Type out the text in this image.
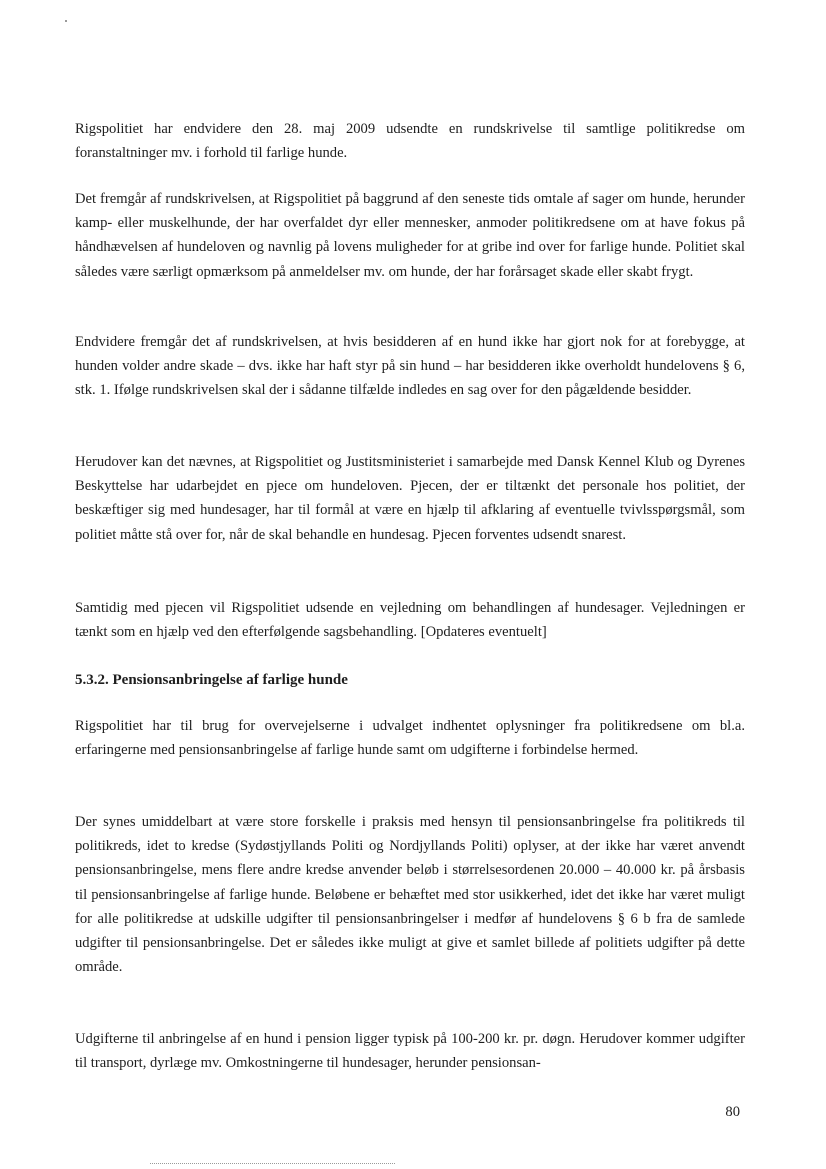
Rigspolitiet har endvidere den 28. maj 2009 udsendte en rundskrivelse til samtlige politikredse om foranstaltninger mv. i forhold til farlige hunde.

Det fremgår af rundskrivelsen, at Rigspolitiet på baggrund af den seneste tids omtale af sager om hunde, herunder kamp- eller muskelhunde, der har overfaldet dyr eller mennesker, anmoder politikredsene om at have fokus på håndhævelsen af hundeloven og navnlig på lovens muligheder for at gribe ind over for farlige hunde. Politiet skal således være særligt opmærksom på anmeldelser mv. om hunde, der har forårsaget skade eller skabt frygt.

Endvidere fremgår det af rundskrivelsen, at hvis besidderen af en hund ikke har gjort nok for at forebygge, at hunden volder andre skade – dvs. ikke har haft styr på sin hund – har besidderen ikke overholdt hundelovens § 6, stk. 1. Ifølge rundskrivelsen skal der i sådanne tilfælde indledes en sag over for den pågældende besidder.

Herudover kan det nævnes, at Rigspolitiet og Justitsministeriet i samarbejde med Dansk Kennel Klub og Dyrenes Beskyttelse har udarbejdet en pjece om hundeloven. Pjecen, der er tiltænkt det personale hos politiet, der beskæftiger sig med hundesager, har til formål at være en hjælp til afklaring af eventuelle tvivlsspørgsmål, som politiet måtte stå over for, når de skal behandle en hundesag. Pjecen forventes udsendt snarest.

Samtidig med pjecen vil Rigspolitiet udsende en vejledning om behandlingen af hundesager. Vejledningen er tænkt som en hjælp ved den efterfølgende sagsbehandling. [Opdateres eventuelt]

5.3.2. Pensionsanbringelse af farlige hunde

Rigspolitiet har til brug for overvejelserne i udvalget indhentet oplysninger fra politikredsene om bl.a. erfaringerne med pensionsanbringelse af farlige hunde samt om udgifterne i forbindelse hermed.

Der synes umiddelbart at være store forskelle i praksis med hensyn til pensionsanbringelse fra politikreds til politikreds, idet to kredse (Sydøstjyllands Politi og Nordjyllands Politi) oplyser, at der ikke har været anvendt pensionsanbringelse, mens flere andre kredse anvender beløb i størrelsesordenen 20.000 – 40.000 kr. på årsbasis til pensionsanbringelse af farlige hunde. Beløbene er behæftet med stor usikkerhed, idet det ikke har været muligt for alle politikredse at udskille udgifter til pensionsanbringelser i medfør af hundelovens § 6 b fra de samlede udgifter til pensionsanbringelse. Det er således ikke muligt at give et samlet billede af politiets udgifter på dette område.

Udgifterne til anbringelse af en hund i pension ligger typisk på 100-200 kr. pr. døgn. Herudover kommer udgifter til transport, dyrlæge mv. Omkostningerne til hundesager, herunder pensionsan-

80
